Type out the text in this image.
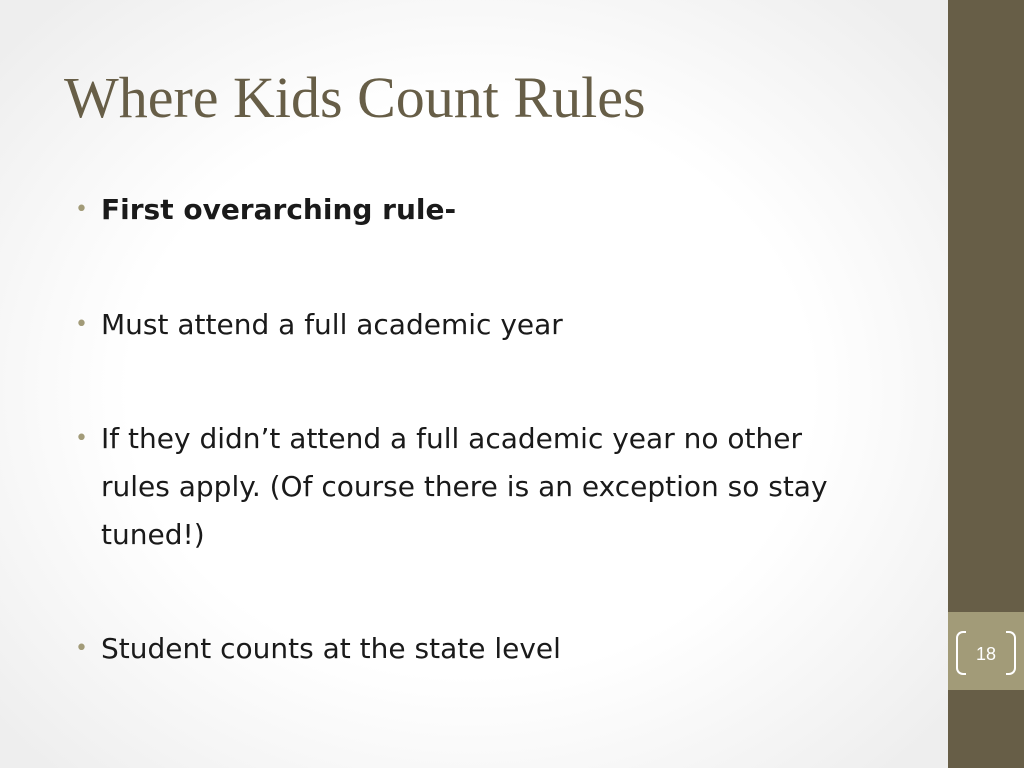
Where Kids Count Rules
• First overarching rule-
• Must attend a full academic year
• If they didn’t attend a full academic year no other rules apply. (Of course there is an exception so stay tuned!)
• Student counts at the state level	18
